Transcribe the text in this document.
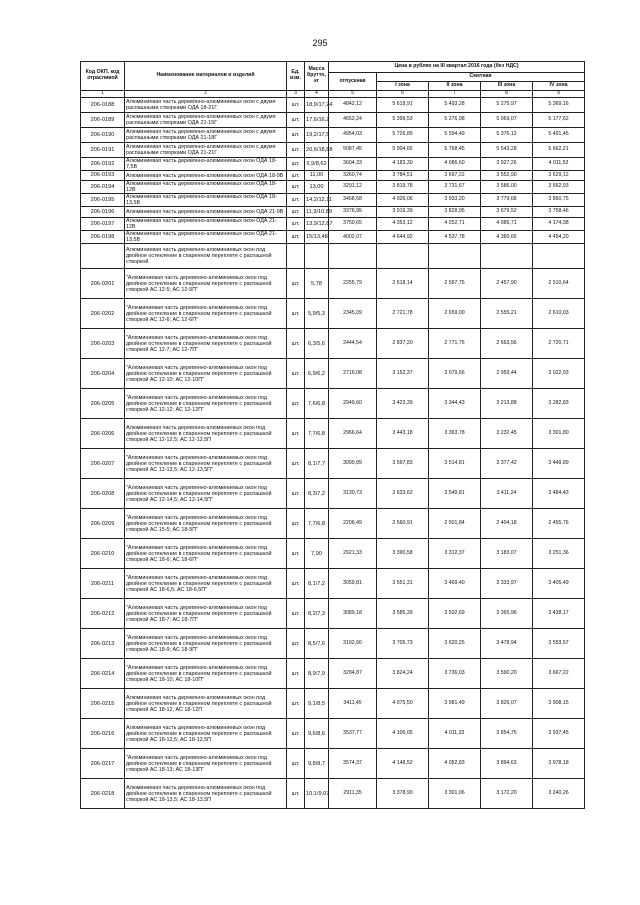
295
Код ОКП, код отрасливой	Наименование материалов и изделий	Ед. изм.	Масса брутто, кг	Цена в рублях на III квартал 2016 года (без НДС)				
				отпускная	Сметная			
					I зона	II зона	III зона	IV зона
1	2	3	4	5	6	7	8	9
206-0188	Алюминиевая часть деревянно-алюминиевых окон с двумя распашными створками ОДА 18-21Г	шт.	18,9/17,24	4842,12	5 619,91	5 493,28	5 275,97	5 369,16
206-0189	Алюминиевая часть деревянно-алюминиевых окон с двумя распашными створками ОДА 21-15Г	шт.	17,6/16,2	4652,24	5 399,53	5 276,98	5 069,07	5 177,62
206-0190	Алюминиевая часть деревянно-алюминиевых окон с двумя распашными створками ОДА 21-18Г	шт.	19,2/17,5	4954,03	5 726,89	5 594,49	5 376,12	5 491,45
206-0191	Алюминиевая часть деревянно-алюминиевых окон с двумя распашными створками ОДА 21-21Г	шт.	20,6/18,88	5087,45	5 904,65	5 768,45	5 543,28	5 662,21
206-0192	Алюминиевая часть деревянно-алюминиевых окон ОДА 18-7,5В	шт.	9,9/8,62	3604,33	4 183,30	4 086,60	3 927,26	4 011,53
206-0193	Алюминиевая часть деревянно-алюминиевых окон ОДА 18-9В	шт.	11,00	3260,74	3 784,51	3 697,22	3 552,90	3 629,12
206-0194	Алюминиевая часть деревянно-алюминиевых окон ОДА 18-12В	шт.	13,00	3291,12	3 819,78	3 731,67	3 586,00	3 662,93
206-0195	Алюминиевая часть деревянно-алюминиевых окон ОДА 18-13,5В	шт.	14,2/12,11	3468,68	4 026,06	3 933,20	3 779,68	3 860,75
206-0196	Алюминиевая часть деревянно-алюминиевых окон ОДА 21-9В	шт.	11,9/10,89	3376,95	3 919,39	3 828,95	3 679,52	3 758,46
206-0197	Алюминиевая часть деревянно-алюминиевых окон ОДА 21-12В	шт.	13,9/12,87	3750,65	4 353,12	4 252,71	4 086,71	4 174,38
206-0198	Алюминиевая часть деревянно-алюминиевых окон ОДА 21-13,5В	шт.	15/13,48	4002,07	4 644,92	4 537,78	4 360,65	4 454,20
	Алюминиевая часть деревянно-алюминиевых окон под двойное остекление в спаренном переплете с распашной створкой							
206-0201	"Алюминиевая часть деревянно-алюминиевых окон под двойное остекление в спаренном переплете с распашной створкой АС 12-5; АС 12-5П"	шт.	5,78	2255,79	2 618,14	2 557,75	2 457,90	2 510,64
206-0202	"Алюминиевая часть деревянно-алюминиевых окон под двойное остекление в спаренном переплете с распашной створкой АС 12-6; АС 12-6П"	шт.	5,9/5,3	2345,09	2 721,78	2 659,00	2 555,21	2 610,03
206-0203	"Алюминиевая часть деревянно-алюминиевых окон под двойное остекление в спаренном переплете с распашной створкой АС 12-7; АС 12-7П"	шт.	6,3/5,6	2444,54	2 837,20	2 771,76	2 663,56	2 720,71
206-0204	"Алюминиевая часть деревянно-алюминиевых окон под двойное остекление в спаренном переплете с распашной створкой АС 12-10; АС 12-10П"	шт.	6,9/6,2	2716,08	3 152,37	3 079,66	2 959,44	3 022,93
206-0205	"Алюминиевая часть деревянно-алюминиевых окон под двойное остекление в спаренном переплете с распашной створкой АС 12-12; АС 12-12П"	шт.	7,6/6,8	2949,60	3 423,39	3 344,43	3 213,88	3 282,83
206-0206	Алюминиевая часть деревянно-алюминиевых окон под двойное остекление в спаренном переплете с распашной створкой АС 12-12,5; АС 12-12,5П	шт.	7,7/6,8	2966,64	3 443,18	3 363,78	3 232,45	3 301,80
206-0207	"Алюминиевая часть деревянно-алюминиевых окон под двойное остекление в спаренном переплете с распашной створкой АС 12-13,5; АС 12-13,5П"	шт.	8,1/7,7	3099,89	3 597,83	3 514,81	3 377,42	3 449,89
206-0208	"Алюминиевая часть деревянно-алюминиевых окон под двойное остекление в спаренном переплете с распашной створкой АС 12-14,5; АС 12-14,5П"	шт.	8,3/7,2	3130,73	3 633,62	3 549,81	3 411,24	3 484,43
206-0209	"Алюминиевая часть деревянно-алюминиевых окон под двойное остекление в спаренном переплете с распашной створкой АС 15-5; АС 18-5П"	шт.	7,7/6,8	2206,49	2 560,91	2 501,84	2 404,18	2 455,76
206-0210	"Алюминиевая часть деревянно-алюминиевых окон под двойное остекление в спаренном переплете с распашной створкой АС 18-6; АС 18-6П"	шт.	7,90	2921,33	3 390,58	3 312,37	3 183,07	3 251,36
206-0211	"Алюминиевая часть деревянно-алюминиевых окон под двойное остекление в спаренном переплете с распашной створкой АС 18-6,5; АС 18-6,5П"	шт.	8,1/7,2	3059,81	3 551,31	3 469,40	3 333,97	3 405,49
206-0212	"Алюминиевая часть деревянно-алюминиевых окон под двойное остекление в спаренном переплете с распашной створкой АС 18-7; АС 18-7П"	шт.	8,2/7,3	3089,18	3 585,39	3 502,69	3 365,96	3 438,17
206-0213	"Алюминиевая часть деревянно-алюминиевых окон под двойное остекление в спаренном переплете с распашной створкой АС 18-9; АС 18-9П"	шт.	8,5/7,6	3192,66	3 705,73	3 620,25	3 478,94	3 553,57
206-0214	"Алюминиевая часть деревянно-алюминиевых окон под двойное остекление в спаренном переплете с распашной створкой АС 18-10; АС 18-10П"	шт.	8,9/7,9	3294,87	3 824,24	3 736,03	3 590,20	3 667,22
206-0215	Алюминиевая часть деревянно-алюминиевых окон под двойное остекление в спаренном переплете с распашной створкой АС 18-12, АС 18-12П	шт.	9,1/8,5	3411,45	4 075,50	3 981,49	3 826,07	3 908,15
206-0216	Алюминиевая часть деревянно-алюминиевых окон под двойное остекление в спаренном переплете с распашной створкой АС 18-12,5; АС 18-12,5П	шт.	9,6/8,6	3537,77	4 106,05	4 011,33	3 854,75	3 937,45
206-0217	"Алюминиевая часть деревянно-алюминиевых окон под двойное остекление в спаренном переплете с распашной створкой АС 18-13; АС 18-13П"	шт.	9,8/8,7	3574,37	4 148,52	4 052,83	3 894,63	3 978,18
206-0218	Алюминиевая часть деревянно-алюминиевых окон под двойное остекление в спаренном переплете с распашной створкой АС 18-13,5; АС 18-13,5П	шт.	10,1/9,07	2911,35	3 378,90	3 301,06	3 172,20	3 240,26
